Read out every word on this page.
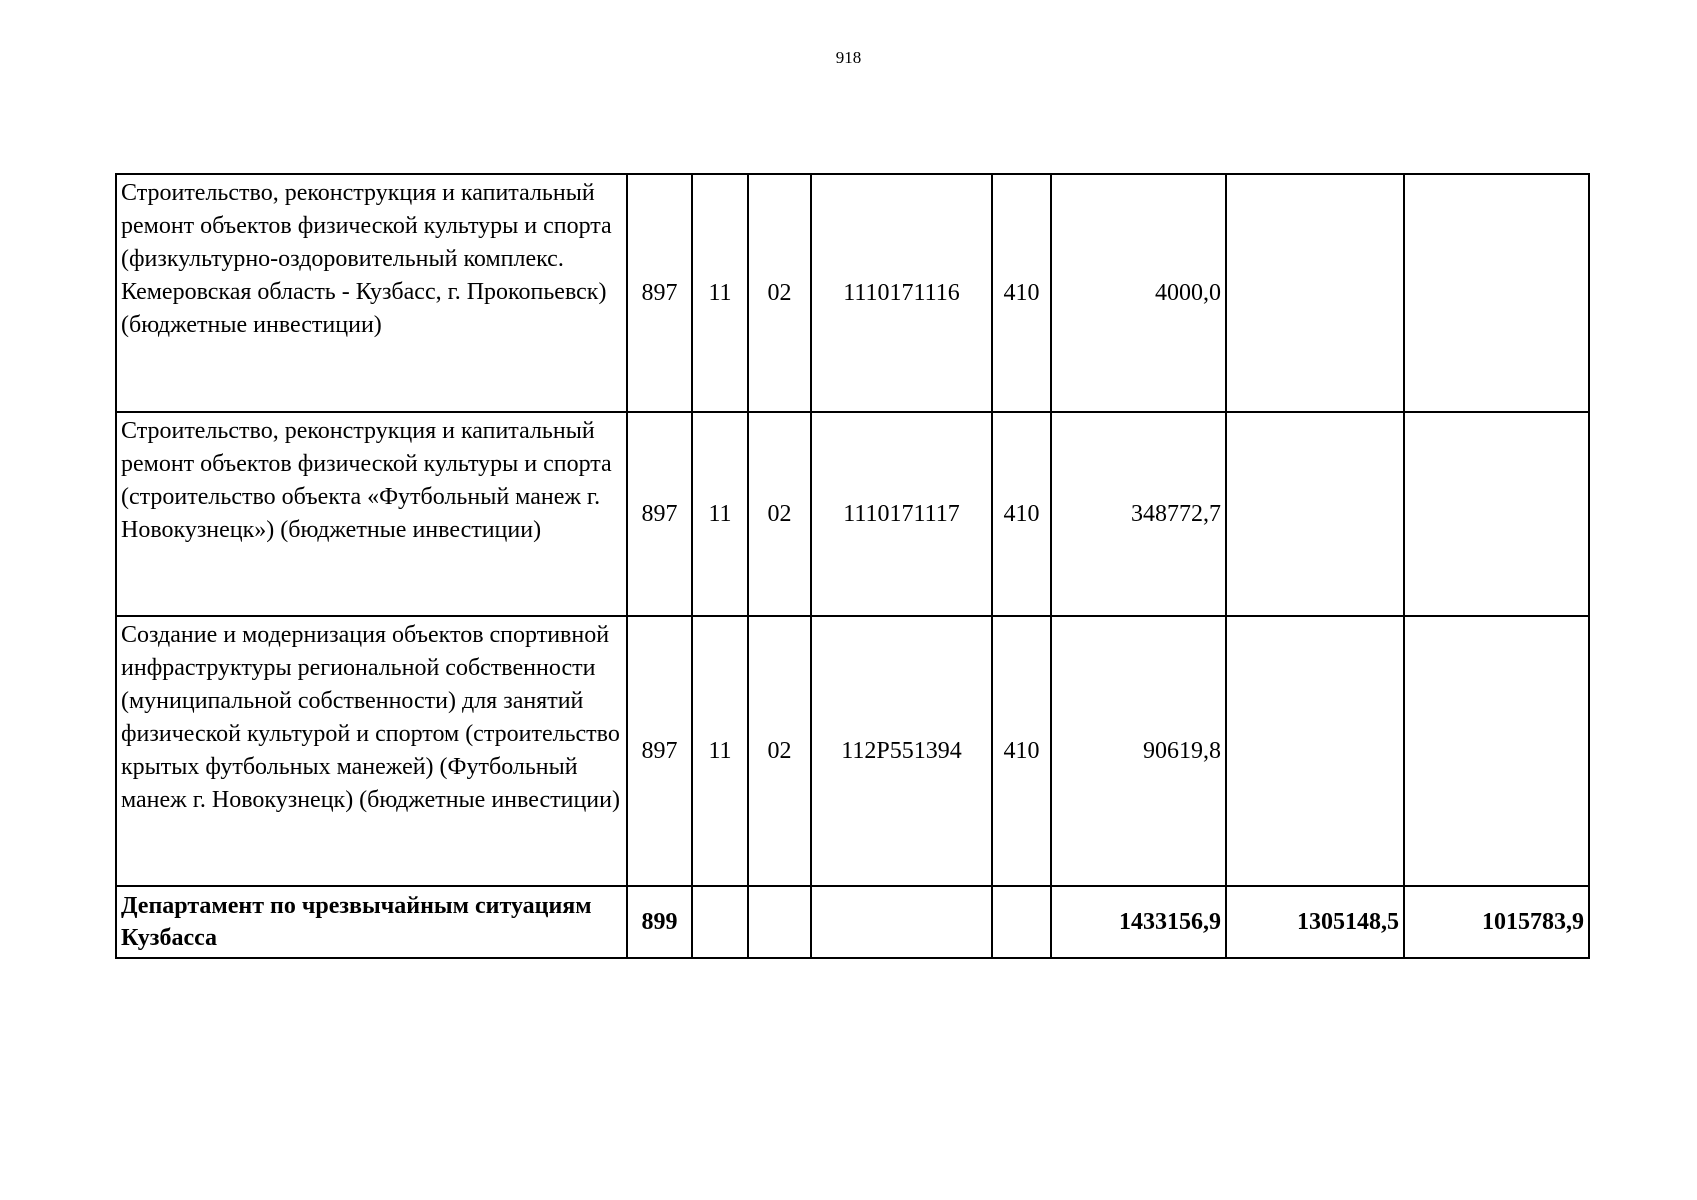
918
Строительство, реконструкция и капитальный ремонт объектов физической культуры и спорта (физкультурно-оздоровительный комплекс. Кемеровская область - Кузбасс, г. Прокопьевск) (бюджетные инвестиции)	897	11	02	1110171116	410	4000,0		
Строительство, реконструкция и капитальный ремонт объектов физической культуры и спорта (строительство объекта «Футбольный манеж г. Новокузнецк») (бюджетные инвестиции)	897	11	02	1110171117	410	348772,7		
Создание и модернизация объектов спортивной инфраструктуры региональной собственности (муниципальной собственности) для занятий физической культурой и спортом (строительство крытых футбольных манежей) (Футбольный манеж г. Новокузнецк) (бюджетные инвестиции)	897	11	02	112P551394	410	90619,8		
Департамент по чрезвычайным ситуациям Кузбасса	899					1433156,9	1305148,5	1015783,9
